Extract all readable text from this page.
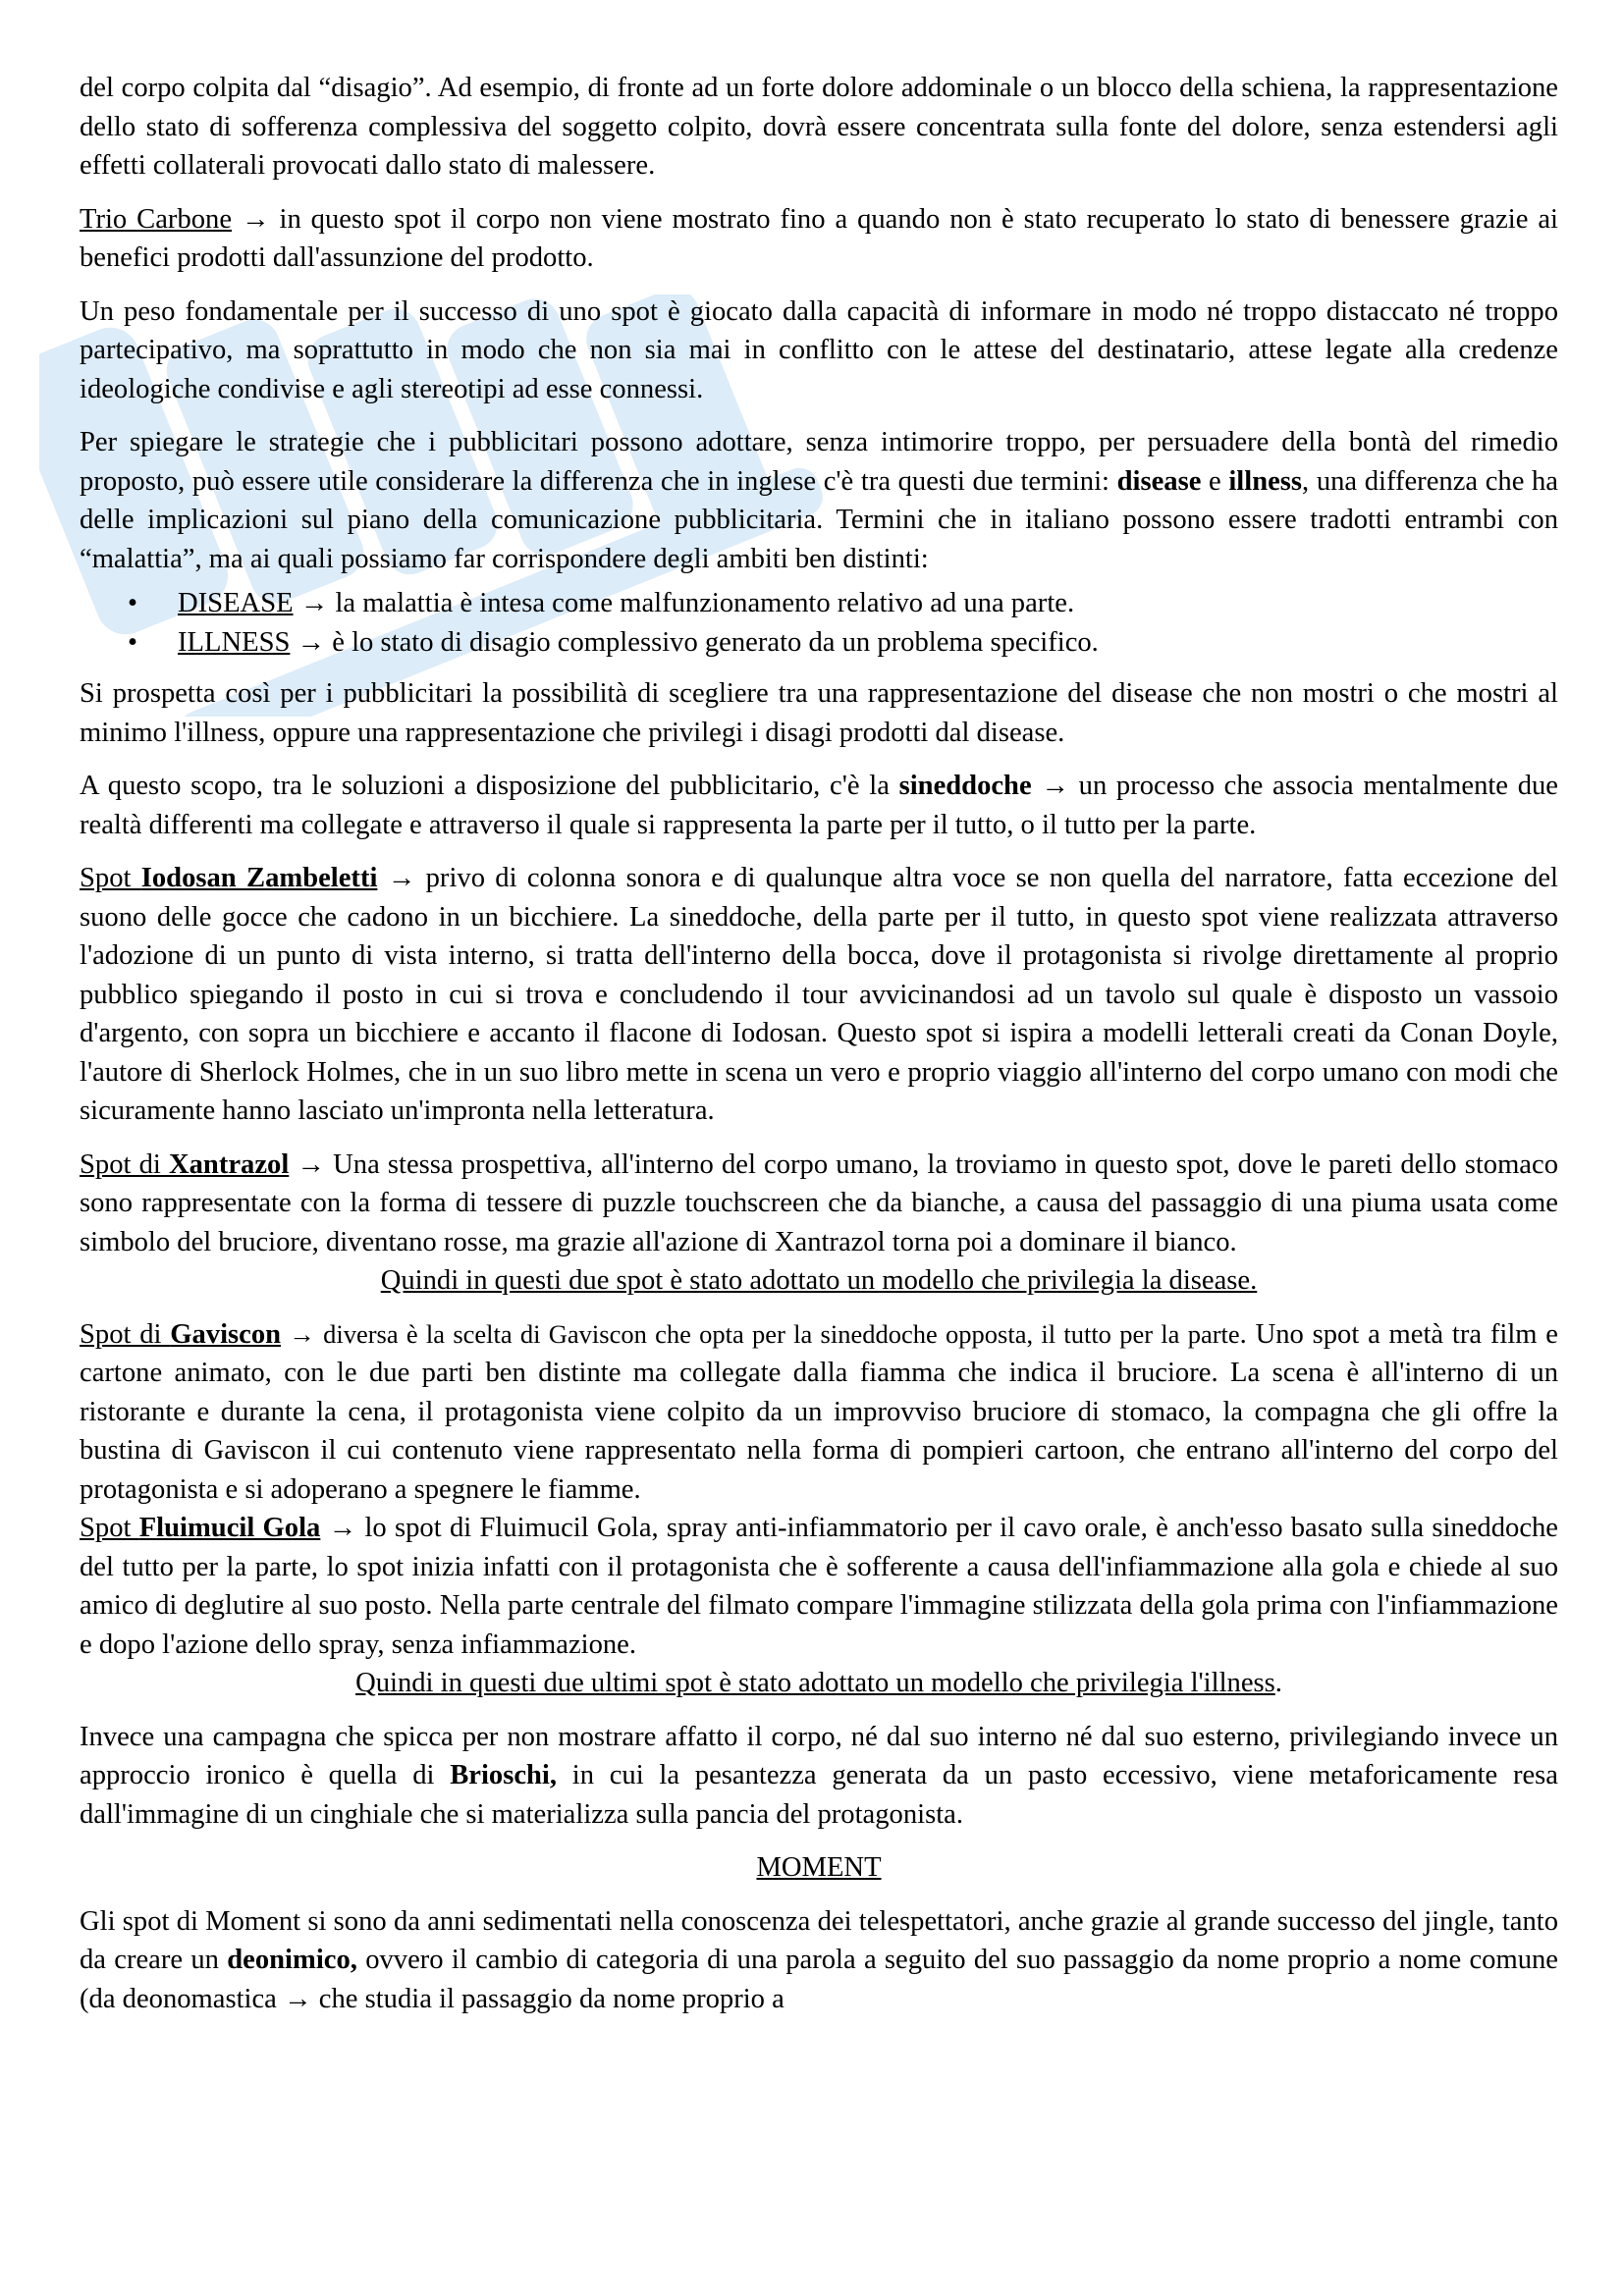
del corpo colpita dal “disagio”. Ad esempio, di fronte ad un forte dolore addominale o un blocco della schiena, la rappresentazione dello stato di sofferenza complessiva del soggetto colpito, dovrà essere concentrata sulla fonte del dolore, senza estendersi agli effetti collaterali provocati dallo stato di malessere.

Trio Carbone → in questo spot il corpo non viene mostrato fino a quando non è stato recuperato lo stato di benessere grazie ai benefici prodotti dall'assunzione del prodotto.

Un peso fondamentale per il successo di uno spot è giocato dalla capacità di informare in modo né troppo distaccato né troppo partecipativo, ma soprattutto in modo che non sia mai in conflitto con le attese del destinatario, attese legate alla credenze ideologiche condivise e agli stereotipi ad esse connessi.

Per spiegare le strategie che i pubblicitari possono adottare, senza intimorire troppo, per persuadere della bontà del rimedio proposto, può essere utile considerare la differenza che in inglese c'è tra questi due termini: disease e illness, una differenza che ha delle implicazioni sul piano della comunicazione pubblicitaria. Termini che in italiano possono essere tradotti entrambi con “malattia”, ma ai quali possiamo far corrispondere degli ambiti ben distinti:

• DISEASE → la malattia è intesa come malfunzionamento relativo ad una parte.
• ILLNESS → è lo stato di disagio complessivo generato da un problema specifico.

Si prospetta così per i pubblicitari la possibilità di scegliere tra una rappresentazione del disease che non mostri o che mostri al minimo l'illness, oppure una rappresentazione che privilegi i disagi prodotti dal disease.

A questo scopo, tra le soluzioni a disposizione del pubblicitario, c'è la sineddoche → un processo che associa mentalmente due realtà differenti ma collegate e attraverso il quale si rappresenta la parte per il tutto, o il tutto per la parte.

Spot Iodosan Zambeletti → privo di colonna sonora e di qualunque altra voce se non quella del narratore, fatta eccezione del suono delle gocce che cadono in un bicchiere. La sineddoche, della parte per il tutto, in questo spot viene realizzata attraverso l'adozione di un punto di vista interno, si tratta dell'interno della bocca, dove il protagonista si rivolge direttamente al proprio pubblico spiegando il posto in cui si trova e concludendo il tour avvicinandosi ad un tavolo sul quale è disposto un vassoio d'argento, con sopra un bicchiere e accanto il flacone di Iodosan. Questo spot si ispira a modelli letterali creati da Conan Doyle, l'autore di Sherlock Holmes, che in un suo libro mette in scena un vero e proprio viaggio all'interno del corpo umano con modi che sicuramente hanno lasciato un'impronta nella letteratura.

Spot di Xantrazol → Una stessa prospettiva, all'interno del corpo umano, la troviamo in questo spot, dove le pareti dello stomaco sono rappresentate con la forma di tessere di puzzle touchscreen che da bianche, a causa del passaggio di una piuma usata come simbolo del bruciore, diventano rosse, ma grazie all'azione di Xantrazol torna poi a dominare il bianco.

Quindi in questi due spot è stato adottato un modello che privilegia la disease.

Spot di Gaviscon → diversa è la scelta di Gaviscon che opta per la sineddoche opposta, il tutto per la parte. Uno spot a metà tra film e cartone animato, con le due parti ben distinte ma collegate dalla fiamma che indica il bruciore. La scena è all'interno di un ristorante e durante la cena, il protagonista viene colpito da un improvviso bruciore di stomaco, la compagna che gli offre la bustina di Gaviscon il cui contenuto viene rappresentato nella forma di pompieri cartoon, che entrano all'interno del corpo del protagonista e si adoperano a spegnere le fiamme.

Spot Fluimucil Gola → lo spot di Fluimucil Gola, spray anti-infiammatorio per il cavo orale, è anch'esso basato sulla sineddoche del tutto per la parte, lo spot inizia infatti con il protagonista che è sofferente a causa dell'infiammazione alla gola e chiede al suo amico di deglutire al suo posto. Nella parte centrale del filmato compare l'immagine stilizzata della gola prima con l'infiammazione e dopo l'azione dello spray, senza infiammazione.

Quindi in questi due ultimi spot è stato adottato un modello che privilegia l'illness.

Invece una campagna che spicca per non mostrare affatto il corpo, né dal suo interno né dal suo esterno, privilegiando invece un approccio ironico è quella di Brioschi, in cui la pesantezza generata da un pasto eccessivo, viene metaforicamente resa dall'immagine di un cinghiale che si materializza sulla pancia del protagonista.

MOMENT

Gli spot di Moment si sono da anni sedimentati nella conoscenza dei telespettatori, anche grazie al grande successo del jingle, tanto da creare un deonimico, ovvero il cambio di categoria di una parola a seguito del suo passaggio da nome proprio a nome comune (da deonomastica → che studia il passaggio da nome proprio a
